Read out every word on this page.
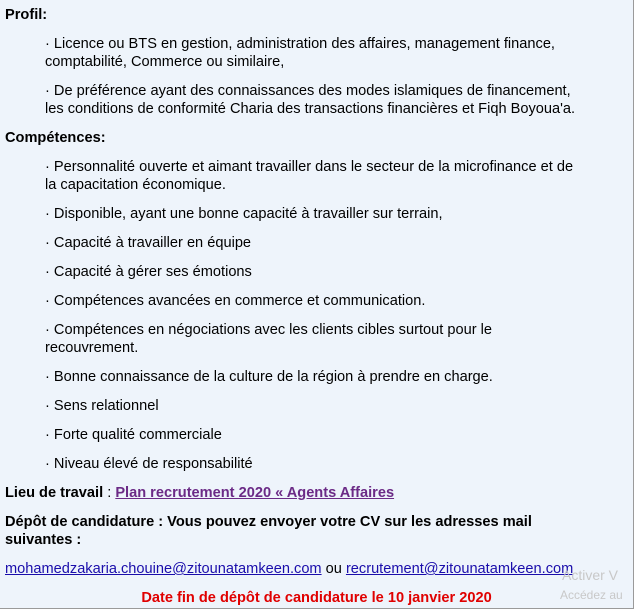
Profil:
· Licence ou BTS en gestion, administration des affaires, management finance,
comptabilité, Commerce ou similaire,
· De préférence ayant des connaissances des modes islamiques de financement,
les conditions de conformité Charia des transactions financières et Fiqh Boyoua'a.
Compétences:
· Personnalité ouverte et aimant travailler dans le secteur de la microfinance et de
la capacitation économique.
· Disponible, ayant une bonne capacité à travailler sur terrain,
· Capacité à travailler en équipe
· Capacité à gérer ses émotions
· Compétences avancées en commerce et communication.
· Compétences en négociations avec les clients cibles surtout pour le
recouvrement.
· Bonne connaissance de la culture de la région à prendre en charge.
· Sens relationnel
· Forte qualité commerciale
· Niveau élevé de responsabilité
Lieu de travail : Plan recrutement 2020 « Agents Affaires
Dépôt de candidature : Vous pouvez envoyer votre CV sur les adresses mail
suivantes :
mohamedzakaria.chouine@zitounatamkeen.com ou recrutement@zitounatamkeen.com
Date fin de dépôt de candidature le 10 janvier 2020
Activer V
Accédez au
